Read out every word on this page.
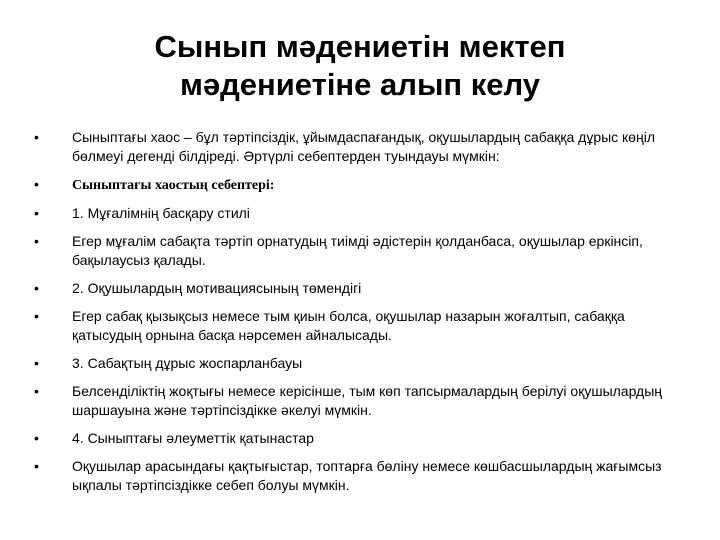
Сынып мәдениетін мектеп
мәдениетіне алып келу
•	Сыныптағы хаос – бұл тәртіпсіздік, ұйымдаспағандық, оқушылардың сабаққа дұрыс көңіл бөлмеуі дегенді білдіреді. Әртүрлі себептерден туындауы мүмкін:
•	Сыныптағы хаостың себептері:
•	1. Мұғалімнің басқару стилі
•	Егер мұғалім сабақта тәртіп орнатудың тиімді әдістерін қолданбаса, оқушылар еркінсіп, бақылаусыз қалады.
•	2. Оқушылардың мотивациясының төмендігі
•	Егер сабақ қызықсыз немесе тым қиын болса, оқушылар назарын жоғалтып, сабаққа қатысудың орнына басқа нәрсемен айналысады.
•	3. Сабақтың дұрыс жоспарланбауы
•	Белсенділіктің жоқтығы немесе керісінше, тым көп тапсырмалардың берілуі оқушылардың шаршауына және тәртіпсіздікке әкелуі мүмкін.
•	4. Сыныптағы әлеуметтік қатынастар
•	Оқушылар арасындағы қақтығыстар, топтарға бөліну немесе көшбасшылардың жағымсыз ықпалы тәртіпсіздікке себеп болуы мүмкін.
